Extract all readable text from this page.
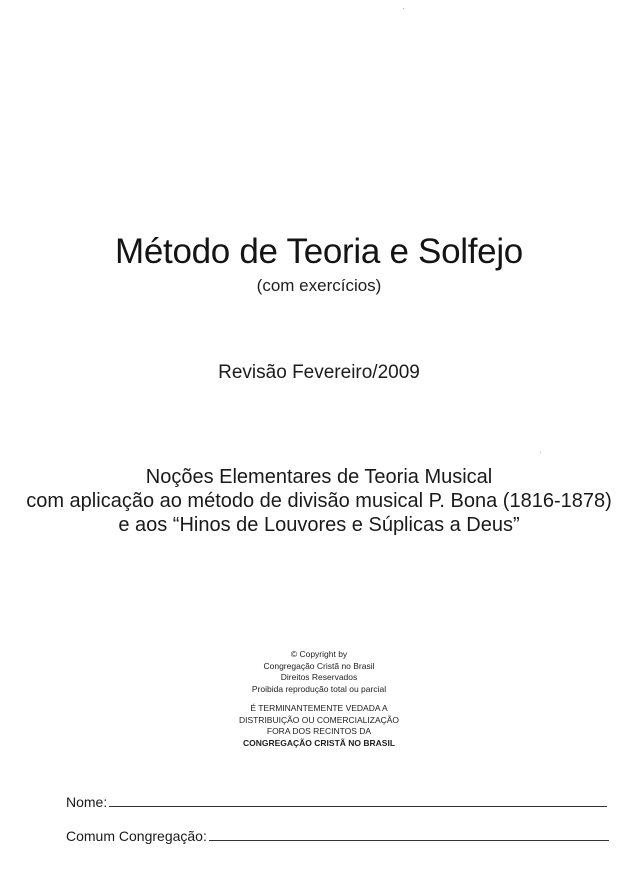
Método de Teoria e Solfejo
(com exercícios)
Revisão Fevereiro/2009
Noções Elementares de Teoria Musical
com aplicação ao método de divisão musical P. Bona (1816-1878)
e aos “Hinos de Louvores e Súplicas a Deus”
© Copyright by
Congregação Cristã no Brasil
Direitos Reservados
Proibida reprodução total ou parcial
É TERMINANTEMENTE VEDADA A
DISTRIBUIÇÃO OU COMERCIALIZAÇÃO
FORA DOS RECINTOS DA
CONGREGAÇÃO CRISTÃ NO BRASIL
Nome:
Comum Congregação:
